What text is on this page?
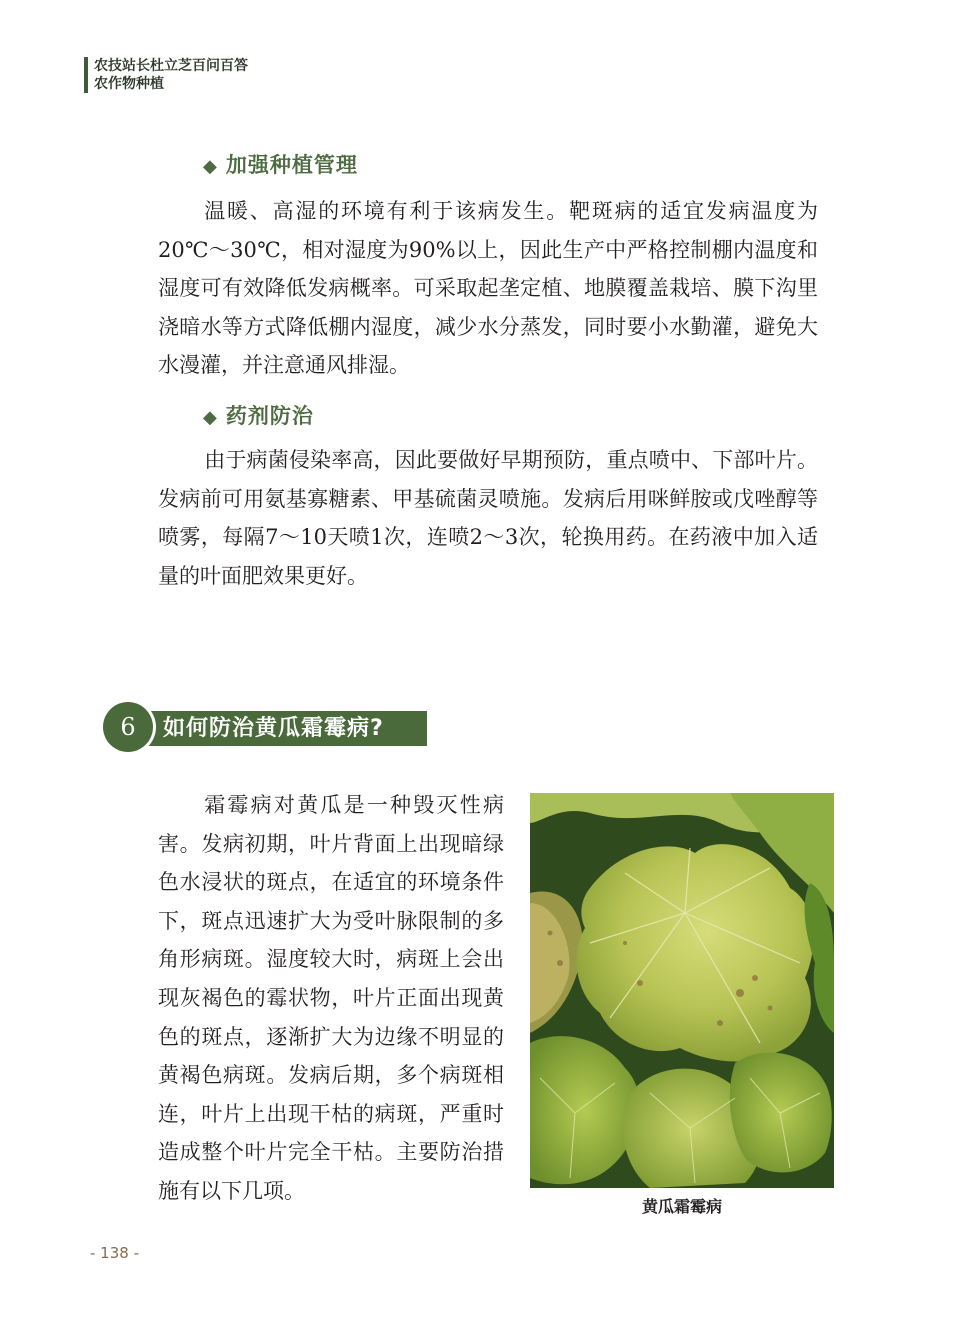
农技站长杜立芝百问百答
农作物种植
◆ 加强种植管理

温暖、高湿的环境有利于该病发生。靶斑病的适宜发病温度为20℃～30℃，相对湿度为90%以上，因此生产中严格控制棚内温度和湿度可有效降低发病概率。可采取起垄定植、地膜覆盖栽培、膜下沟里浇暗水等方式降低棚内湿度，减少水分蒸发，同时要小水勤灌，避免大水漫灌，并注意通风排湿。

◆ 药剂防治

由于病菌侵染率高，因此要做好早期预防，重点喷中、下部叶片。发病前可用氨基寡糖素、甲基硫菌灵喷施。发病后用咪鲜胺或戊唑醇等喷雾，每隔7～10天喷1次，连喷2～3次，轮换用药。在药液中加入适量的叶面肥效果更好。

6	如何防治黄瓜霜霉病?

霜霉病对黄瓜是一种毁灭性病害。发病初期，叶片背面上出现暗绿色水浸状的斑点，在适宜的环境条件下，斑点迅速扩大为受叶脉限制的多角形病斑。湿度较大时，病斑上会出现灰褐色的霉状物，叶片正面出现黄色的斑点，逐渐扩大为边缘不明显的黄褐色病斑。发病后期，多个病斑相连，叶片上出现干枯的病斑，严重时造成整个叶片完全干枯。主要防治措施有以下几项。

黄瓜霜霉病
- 138 -
